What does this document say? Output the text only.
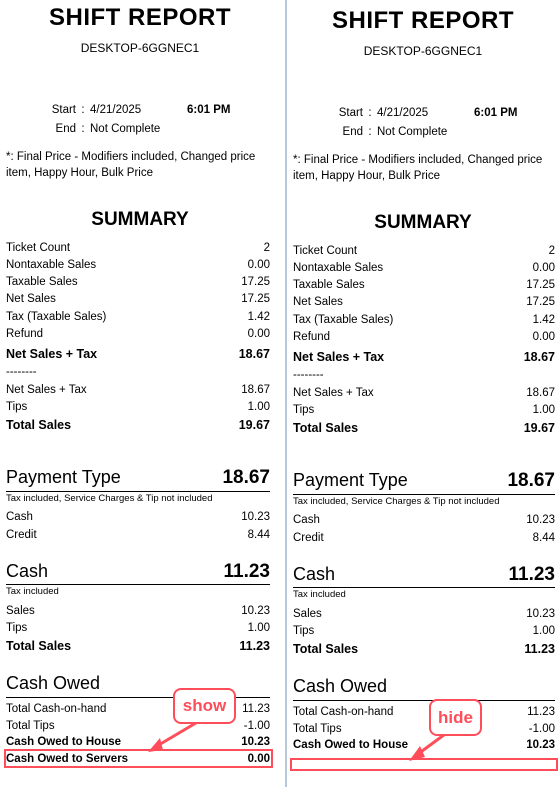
SHIFT REPORT
DESKTOP-6GGNEC1
Start : 4/21/2025	6:01 PM
End : Not Complete
*: Final Price - Modifiers included, Changed price item, Happy Hour, Bulk Price
SUMMARY
Ticket Count	2
Nontaxable Sales	0.00
Taxable Sales	17.25
Net Sales	17.25
Tax (Taxable Sales)	1.42
Refund	0.00
Net Sales + Tax	18.67
--------
Net Sales + Tax	18.67
Tips	1.00
Total Sales	19.67
Payment Type	18.67
Tax included, Service Charges & Tip not included
Cash	10.23
Credit	8.44
Cash	11.23
Tax included
Sales	10.23
Tips	1.00
Total Sales	11.23
Cash Owed
Total Cash-on-hand	11.23
Total Tips	-1.00
Cash Owed to House	10.23
Cash Owed to Servers	0.00
SHIFT REPORT
DESKTOP-6GGNEC1
Start : 4/21/2025	6:01 PM
End : Not Complete
*: Final Price - Modifiers included, Changed price item, Happy Hour, Bulk Price
SUMMARY
Ticket Count	2
Nontaxable Sales	0.00
Taxable Sales	17.25
Net Sales	17.25
Tax (Taxable Sales)	1.42
Refund	0.00
Net Sales + Tax	18.67
--------
Net Sales + Tax	18.67
Tips	1.00
Total Sales	19.67
Payment Type	18.67
Tax included, Service Charges & Tip not included
Cash	10.23
Credit	8.44
Cash	11.23
Tax included
Sales	10.23
Tips	1.00
Total Sales	11.23
Cash Owed
Total Cash-on-hand	11.23
Total Tips	-1.00
Cash Owed to House	10.23
show
hide
